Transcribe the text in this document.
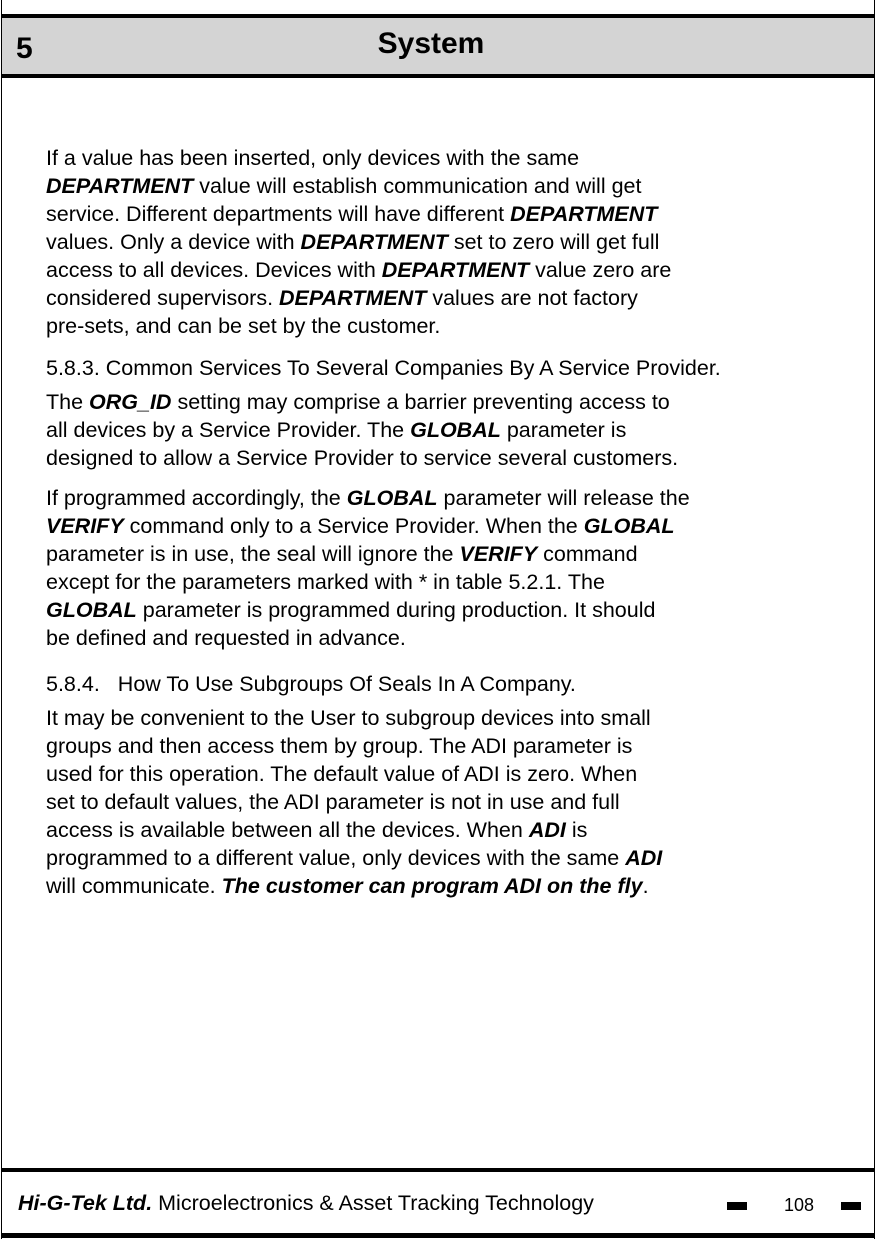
5	System

If a value has been inserted, only devices with the same
DEPARTMENT value will establish communication and will get
service. Different departments will have different DEPARTMENT
values. Only a device with DEPARTMENT set to zero will get full
access to all devices. Devices with DEPARTMENT value zero are
considered supervisors. DEPARTMENT values are not factory
pre-sets, and can be set by the customer.

5.8.3. Common Services To Several Companies By A Service Provider.

The ORG_ID setting may comprise a barrier preventing access to
all devices by a Service Provider. The GLOBAL parameter is
designed to allow a Service Provider to service several customers.

If programmed accordingly, the GLOBAL parameter will release the
VERIFY command only to a Service Provider. When the GLOBAL
parameter is in use, the seal will ignore the VERIFY command
except for the parameters marked with * in table 5.2.1. The
GLOBAL parameter is programmed during production. It should
be defined and requested in advance.

5.8.4. How To Use Subgroups Of Seals In A Company.

It may be convenient to the User to subgroup devices into small
groups and then access them by group. The ADI parameter is
used for this operation. The default value of ADI is zero. When
set to default values, the ADI parameter is not in use and full
access is available between all the devices. When ADI is
programmed to a different value, only devices with the same ADI
will communicate. The customer can program ADI on the fly.

Hi-G-Tek Ltd. Microelectronics & Asset Tracking Technology	108
